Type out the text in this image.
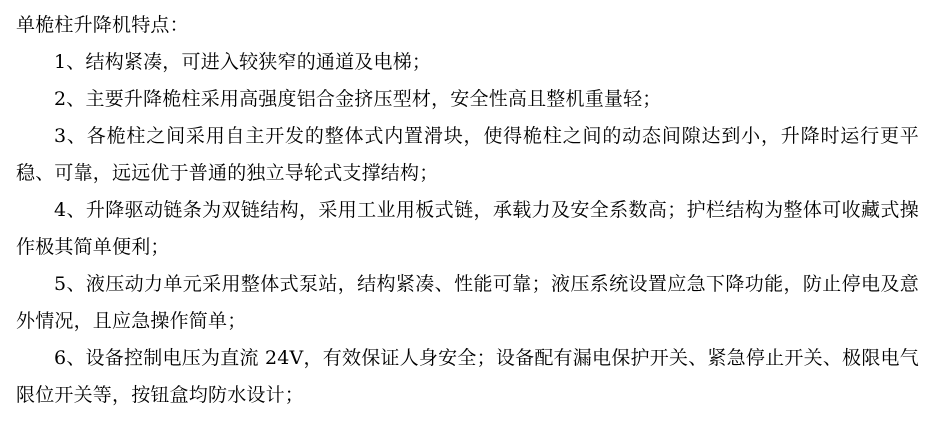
单桅柱升降机特点：

1、结构紧凑，可进入较狭窄的通道及电梯；

2、主要升降桅柱采用高强度铝合金挤压型材，安全性高且整机重量轻；

3、各桅柱之间采用自主开发的整体式内置滑块，使得桅柱之间的动态间隙达到小，升降时运行更平稳、可靠，远远优于普通的独立导轮式支撑结构；

4、升降驱动链条为双链结构，采用工业用板式链，承载力及安全系数高；护栏结构为整体可收藏式操作极其简单便利；

5、液压动力单元采用整体式泵站，结构紧凑、性能可靠；液压系统设置应急下降功能，防止停电及意外情况，且应急操作简单；

6、设备控制电压为直流 24V，有效保证人身安全；设备配有漏电保护开关、紧急停止开关、极限电气限位开关等，按钮盒均防水设计；
